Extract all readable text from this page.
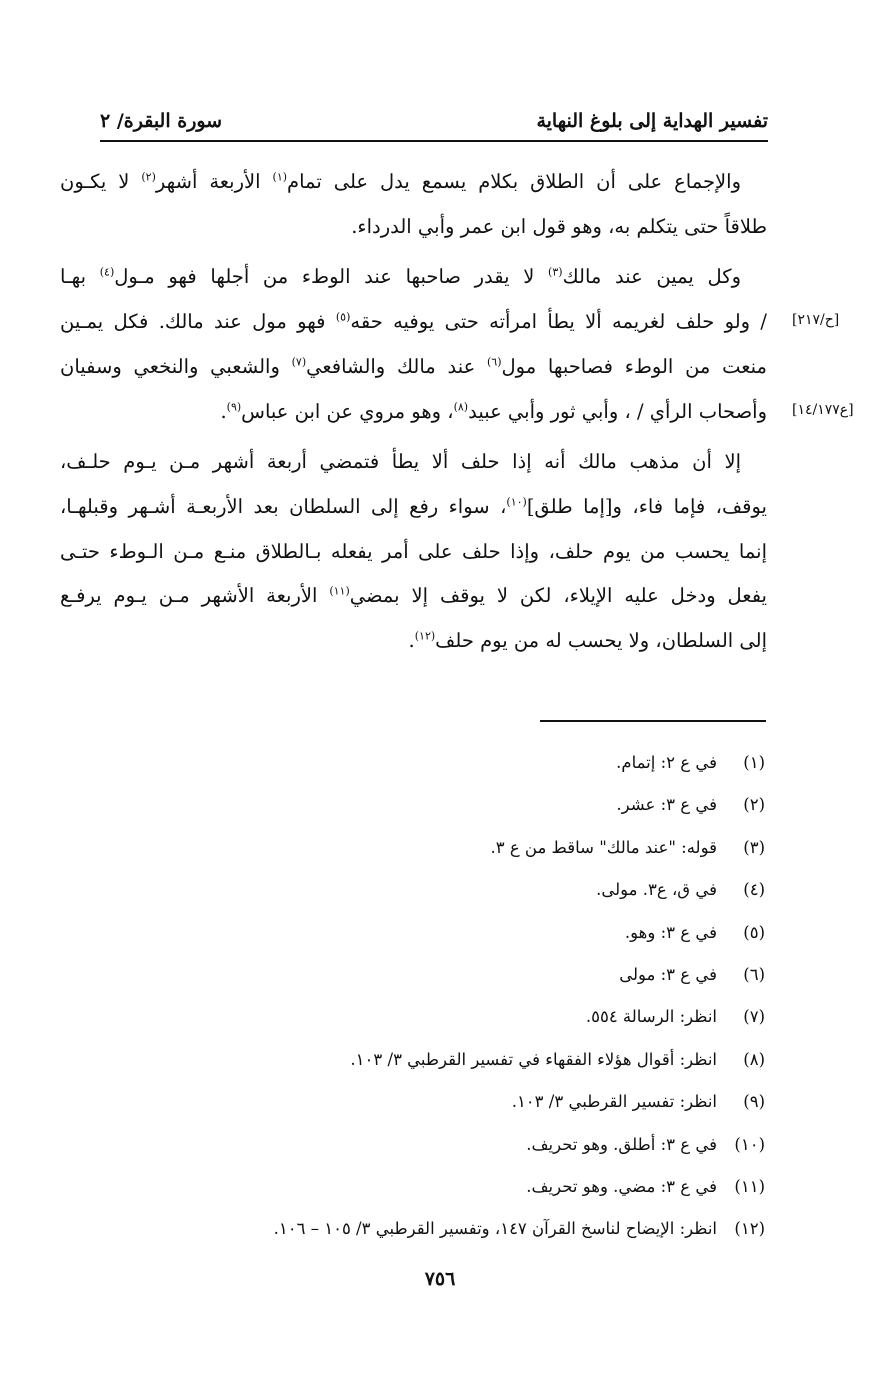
تفسير الهداية إلى بلوغ النهاية
سورة البقرة/ ٢

والإجماع على أن الطلاق بكلام يسمع يدل على تمام$^{(١)}$ الأربعة أشهر$^{(٢)}$ لا يكـون
طلاقاً حتى يتكلم به، وهو قول ابن عمر وأبي الدرداء.

وكل يمين عند مالك$^{(٣)}$ لا يقدر صاحبها عند الوطء من أجلها فهو مـول$^{(٤)}$ بهـا
/ ولو حلف لغريمه ألا يطأ امرأته حتى يوفيه حقه$^{(٥)}$ فهو مول عند مالك. فكل يمـين
منعت من الوطء فصاحبها مول$^{(٦)}$ عند مالك والشافعي$^{(٧)}$ والشعبي والنخعي وسفيان
وأصحاب الرأي / ، وأبي ثور وأبي عبيد$^{(٨)}$، وهو مروي عن ابن عباس$^{(٩)}$.

إلا أن مذهب مالك أنه إذا حلف ألا يطأ فتمضي أربعة أشهر مـن يـوم حلـف،
يوقف، فإما فاء، و[إما طلق]$^{(١٠)}$، سواء رفع إلى السلطان بعد الأربعـة أشـهر وقبلهـا،
إنما يحسب من يوم حلف، وإذا حلف على أمر يفعله بـالطلاق منـع مـن الـوطء حتـى
يفعل ودخل عليه الإيلاء، لكن لا يوقف إلا بمضي$^{(١١)}$ الأربعة الأشهر مـن يـوم يرفـع
إلى السلطان، ولا يحسب له من يوم حلف$^{(١٢)}$.

[ح/٢١٧]
[ع١٤/١٧٧]
(١)في ع ٢: إتمام.
(٢)في ع ٣: عشر.
(٣)قوله: "عند مالك" ساقط من ع ٣.
(٤)في ق، ع٣. مولى.
(٥)في ع ٣: وهو.
(٦)في ع ٣: مولى
(٧)انظر: الرسالة ٥٥٤.
(٨)انظر: أقوال هؤلاء الفقهاء في تفسير القرطبي ٣/ ١٠٣.
(٩)انظر: تفسير القرطبي ٣/ ١٠٣.
(١٠)في ع ٣: أطلق. وهو تحريف.
(١١)في ع ٣: مضي. وهو تحريف.
(١٢)انظر: الإيضاح لناسخ القرآن ١٤٧، وتفسير القرطبي ٣/ ١٠٥ – ١٠٦.
٧٥٦
